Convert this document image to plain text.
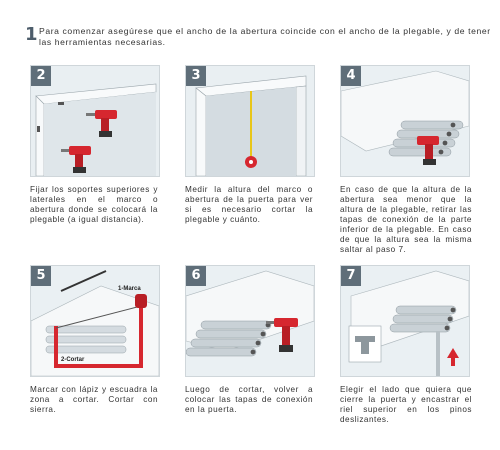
1 Para comenzar asegúrese que el ancho de la abertura coincide con el ancho de la plegable, y de tener las herramientas necesarias.
2
Fijar los soportes superiores y laterales en el marco o abertura donde se colocará la plegable (a igual distancia).
3
Medir la altura del marco o abertura de la puerta para ver si es necesario cortar la plegable y cuánto.
4
En caso de que la altura de la abertura sea menor que la altura de la plegable, retirar las tapas de conexión de la parte inferior de la plegable. En caso de que la altura sea la misma saltar al paso 7.
1-Marca
2-Cortar
5
Marcar con lápiz y escuadra la zona a cortar. Cortar con sierra.
6
Luego de cortar, volver a colocar las tapas de conexión en la puerta.
7
Elegir el lado que quiera que cierre la puerta y encastrar el riel superior en los pinos deslizantes.
